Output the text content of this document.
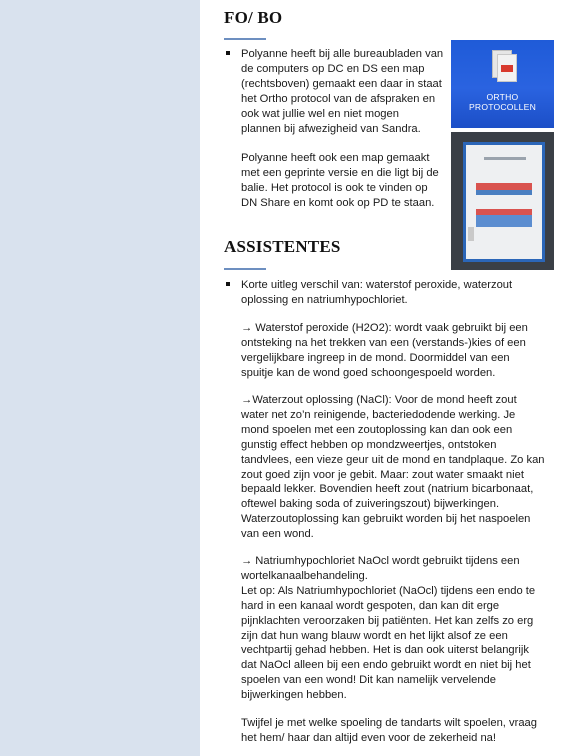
FO/ BO

Polyanne heeft bij alle bureaubladen van
de computers op DC en DS een map
(rechtsboven) gemaakt een daar in staat
het Ortho protocol van de afspraken en
ook wat jullie wel en niet mogen
plannen bij afwezigheid van Sandra.

Polyanne heeft ook een map gemaakt
met een geprinte versie en die ligt bij de
balie. Het protocol is ook te vinden op
DN Share en komt ook op PD te staan.

ORTHO
PROTOCOLLEN
ASSISTENTES

Korte uitleg verschil van: waterstof peroxide, waterzout
oplossing en natriumhypochloriet.

→ Waterstof peroxide (H2O2): wordt vaak gebruikt bij een
ontsteking na het trekken van een (verstands-)kies of een
vergelijkbare ingreep in de mond. Doormiddel van een
spuitje kan de wond goed schoongespoeld worden.

→Waterzout oplossing (NaCl): Voor de mond heeft zout
water net zo’n reinigende, bacteriedodende werking. Je
mond spoelen met een zoutoplossing kan dan ook een
gunstig effect hebben op mondzweertjes, ontstoken
tandvlees, een vieze geur uit de mond en tandplaque. Zo kan
zout goed zijn voor je gebit. Maar: zout water smaakt niet
bepaald lekker. Bovendien heeft zout (natrium bicarbonaat,
oftewel baking soda of zuiveringszout) bijwerkingen.
Waterzoutoplossing kan gebruikt worden bij het naspoelen
van een wond.

→ Natriumhypochloriet NaOcl wordt gebruikt tijdens een
wortelkanaalbehandeling.
Let op: Als Natriumhypochloriet (NaOcl) tijdens een endo te
hard in een kanaal wordt gespoten, dan kan dit erge
pijnklachten veroorzaken bij patiënten. Het kan zelfs zo erg
zijn dat hun wang blauw wordt en het lijkt alsof ze een
vechtpartij gehad hebben. Het is dan ook uiterst belangrijk
dat NaOcl alleen bij een endo gebruikt wordt en niet bij het
spoelen van een wond! Dit kan namelijk vervelende
bijwerkingen hebben.

Twijfel je met welke spoeling de tandarts wilt spoelen, vraag
het hem/ haar dan altijd even voor de zekerheid na!
